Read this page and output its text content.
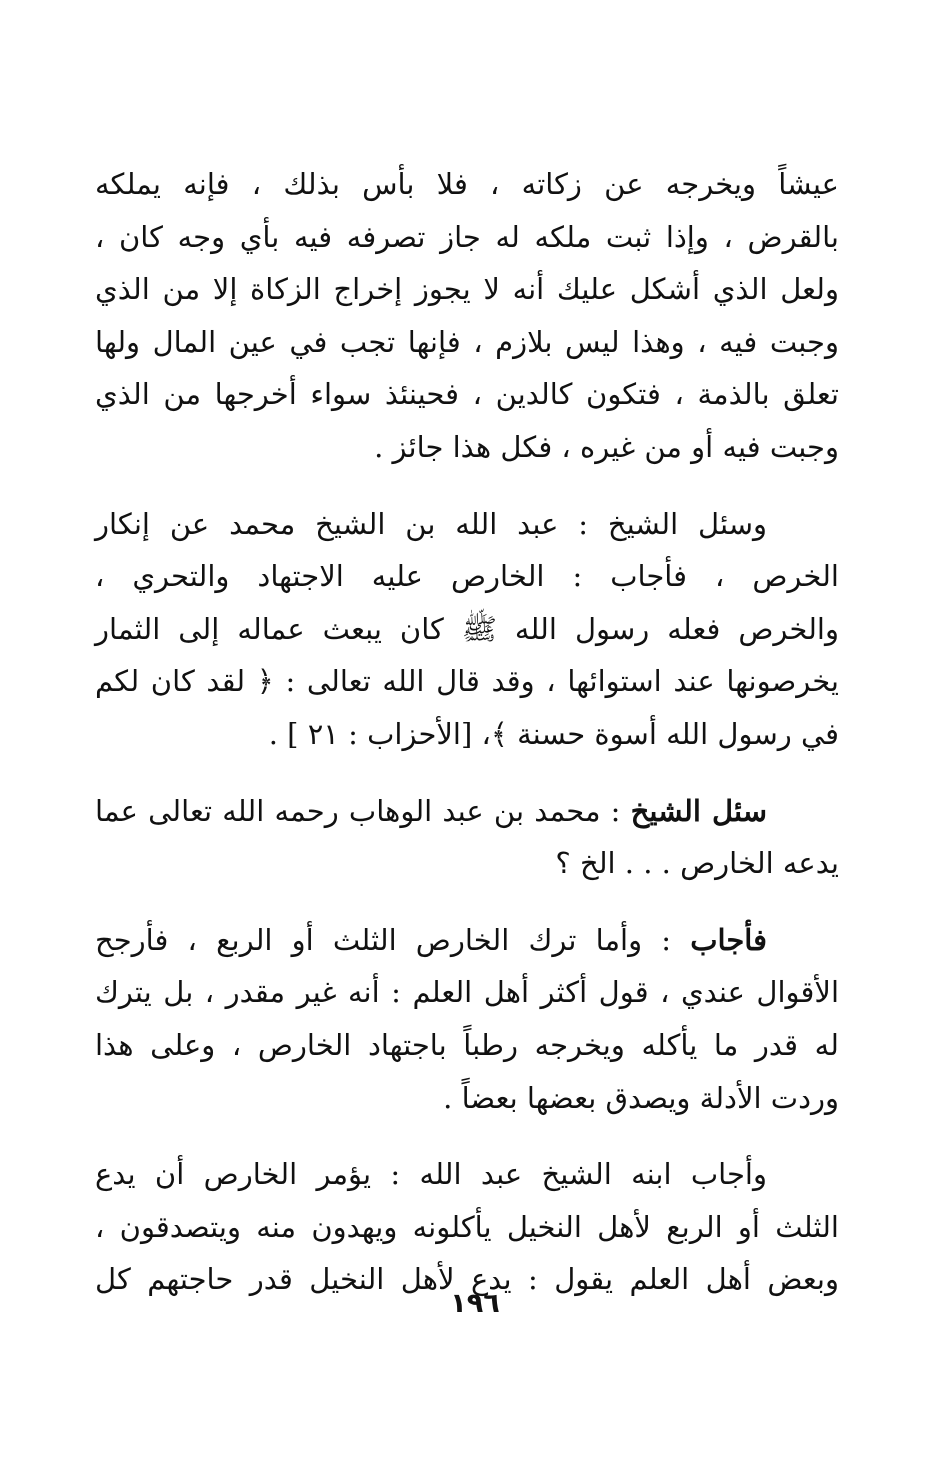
عيشاً ويخرجه عن زكاته ، فلا بأس بذلك ، فإنه يملكه
بالقرض ، وإذا ثبت ملكه له جاز تصرفه فيه بأي وجه كان ،
ولعل الذي أشكل عليك أنه لا يجوز إخراج الزكاة إلا من الذي
وجبت فيه ، وهذا ليس بلازم ، فإنها تجب في عين المال ولها
تعلق بالذمة ، فتكون كالدين ، فحينئذ سواء أخرجها من الذي
وجبت فيه أو من غيره ، فكل هذا جائز .
وسئل الشيخ : عبد الله بن الشيخ محمد عن إنكار
الخرص ، فأجاب : الخارص عليه الاجتهاد والتحري ،
والخرص فعله رسول الله ﷺ كان يبعث عماله إلى الثمار
يخرصونها عند استوائها ، وقد قال الله تعالى : ﴿ لقد كان لكم
في رسول الله أسوة حسنة ﴾، [الأحزاب : ٢١ ] .
سئل الشيخ : محمد بن عبد الوهاب رحمه الله تعالى عما
يدعه الخارص . . . الخ ؟
فأجاب : وأما ترك الخارص الثلث أو الربع ، فأرجح
الأقوال عندي ، قول أكثر أهل العلم : أنه غير مقدر ، بل يترك
له قدر ما يأكله ويخرجه رطباً باجتهاد الخارص ، وعلى هذا
وردت الأدلة ويصدق بعضها بعضاً .
وأجاب ابنه الشيخ عبد الله : يؤمر الخارص أن يدع
الثلث أو الربع لأهل النخيل يأكلونه ويهدون منه ويتصدقون ،
وبعض أهل العلم يقول : يدع لأهل النخيل قدر حاجتهم كل
١٩٦
